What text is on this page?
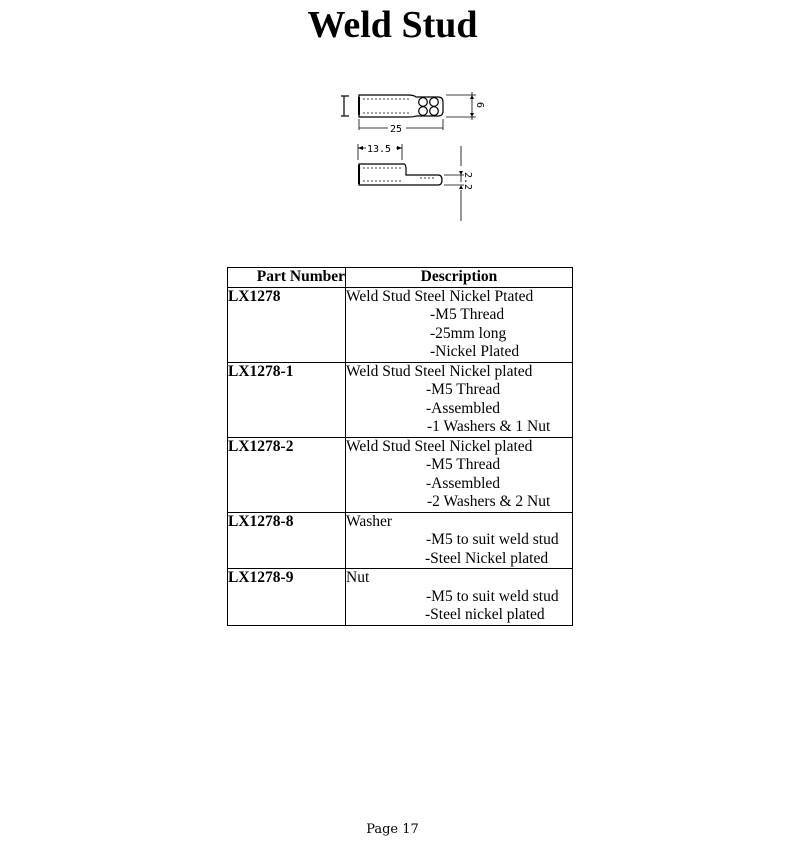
Weld Stud
25
6
13.5
2.2
Part Number	Description
LX1278	Weld Stud Steel Nickel Ptated
-M5 Thread
-25mm long
-Nickel Plated

LX1278-1	Weld Stud Steel Nickel plated
-M5 Thread
-Assembled
-1 Washers & 1 Nut

LX1278-2	Weld Stud Steel Nickel plated
-M5 Thread
-Assembled
-2 Washers & 2 Nut

LX1278-8	Washer
-M5 to suit weld stud
-Steel Nickel plated

LX1278-9	Nut
-M5 to suit weld stud
-Steel nickel plated
Page 17
